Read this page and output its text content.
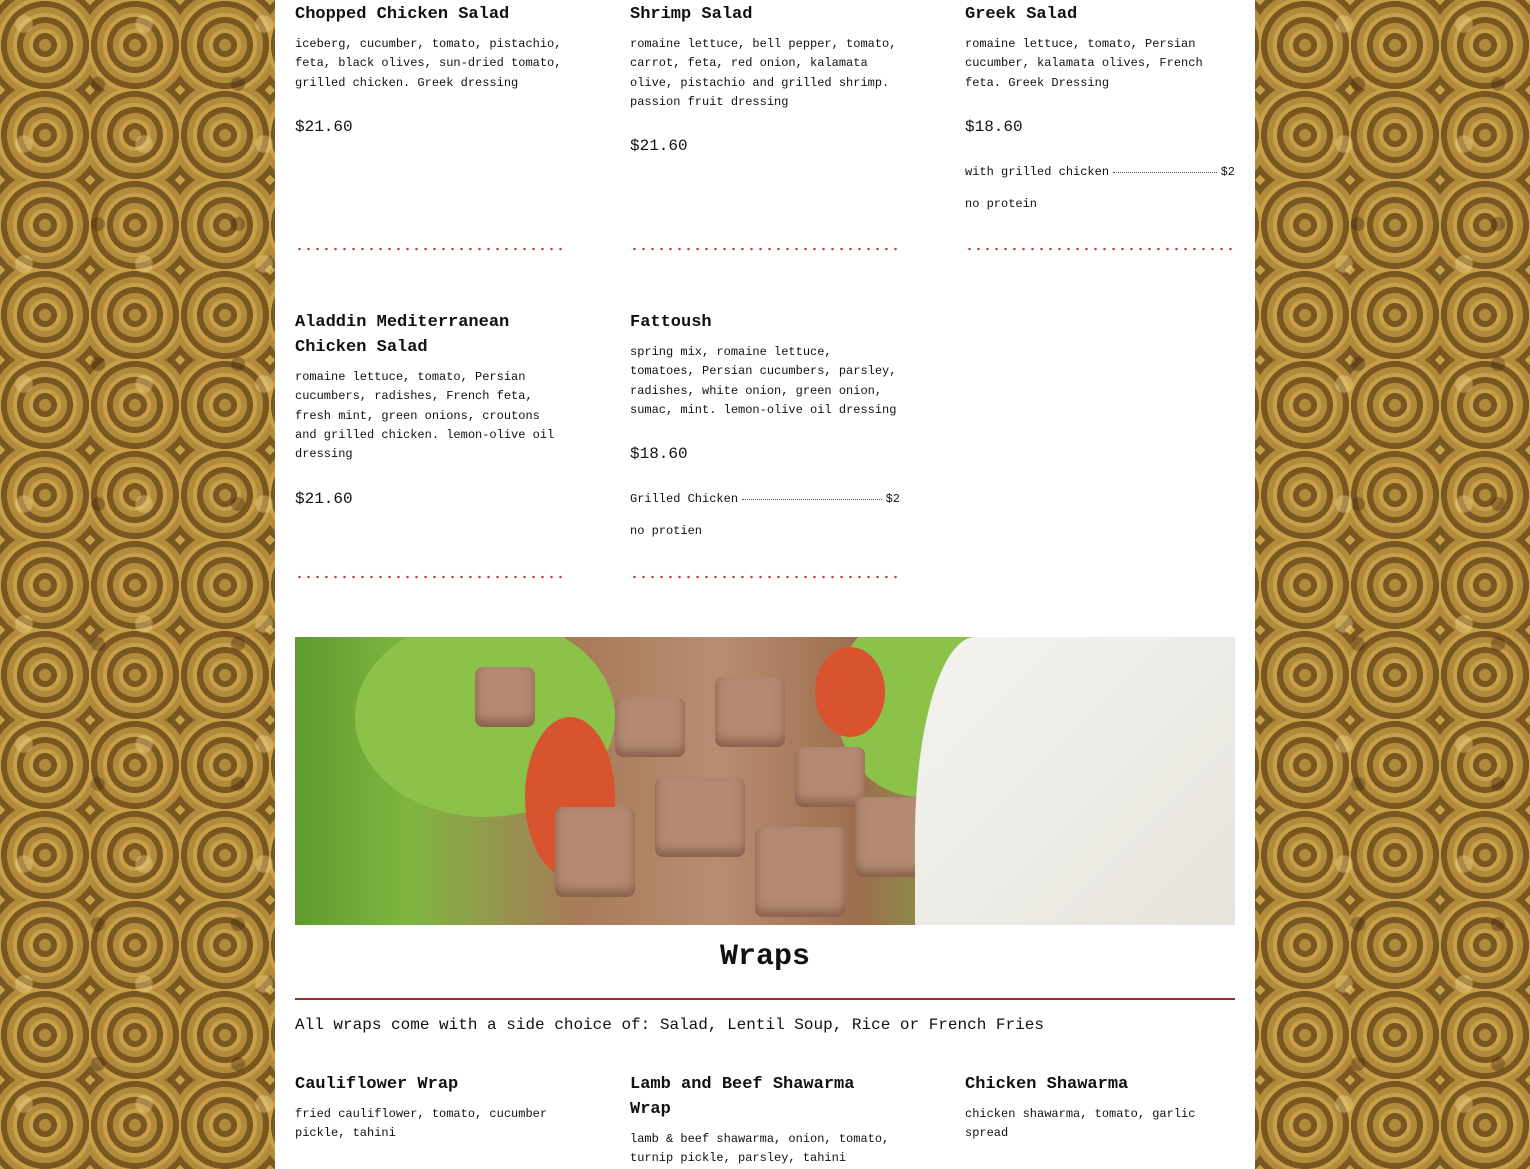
Chopped Chicken Salad

iceberg, cucumber, tomato, pistachio, feta, black olives, sun-dried tomato, grilled chicken. Greek dressing

$21.60

Shrimp Salad

romaine lettuce, bell pepper, tomato, carrot, feta, red onion, kalamata olive, pistachio and grilled shrimp. passion fruit dressing

$21.60

Greek Salad

romaine lettuce, tomato, Persian cucumber, kalamata olives, French feta. Greek Dressing

$18.60

with grilled chicken	$2
no protein
Aladdin Mediterranean Chicken Salad

romaine lettuce, tomato, Persian cucumbers, radishes, French feta, fresh mint, green onions, croutons and grilled chicken. lemon-olive oil dressing

$21.60

Fattoush

spring mix, romaine lettuce, tomatoes, Persian cucumbers, parsley, radishes, white onion, green onion, sumac, mint. lemon-olive oil dressing

$18.60

Grilled Chicken	$2
no protien
Wraps

All wraps come with a side choice of: Salad, Lentil Soup, Rice or French Fries

Cauliflower Wrap

fried cauliflower, tomato, cucumber pickle, tahini

Lamb and Beef Shawarma Wrap

lamb & beef shawarma, onion, tomato, turnip pickle, parsley, tahini

Chicken Shawarma

chicken shawarma, tomato, garlic spread
